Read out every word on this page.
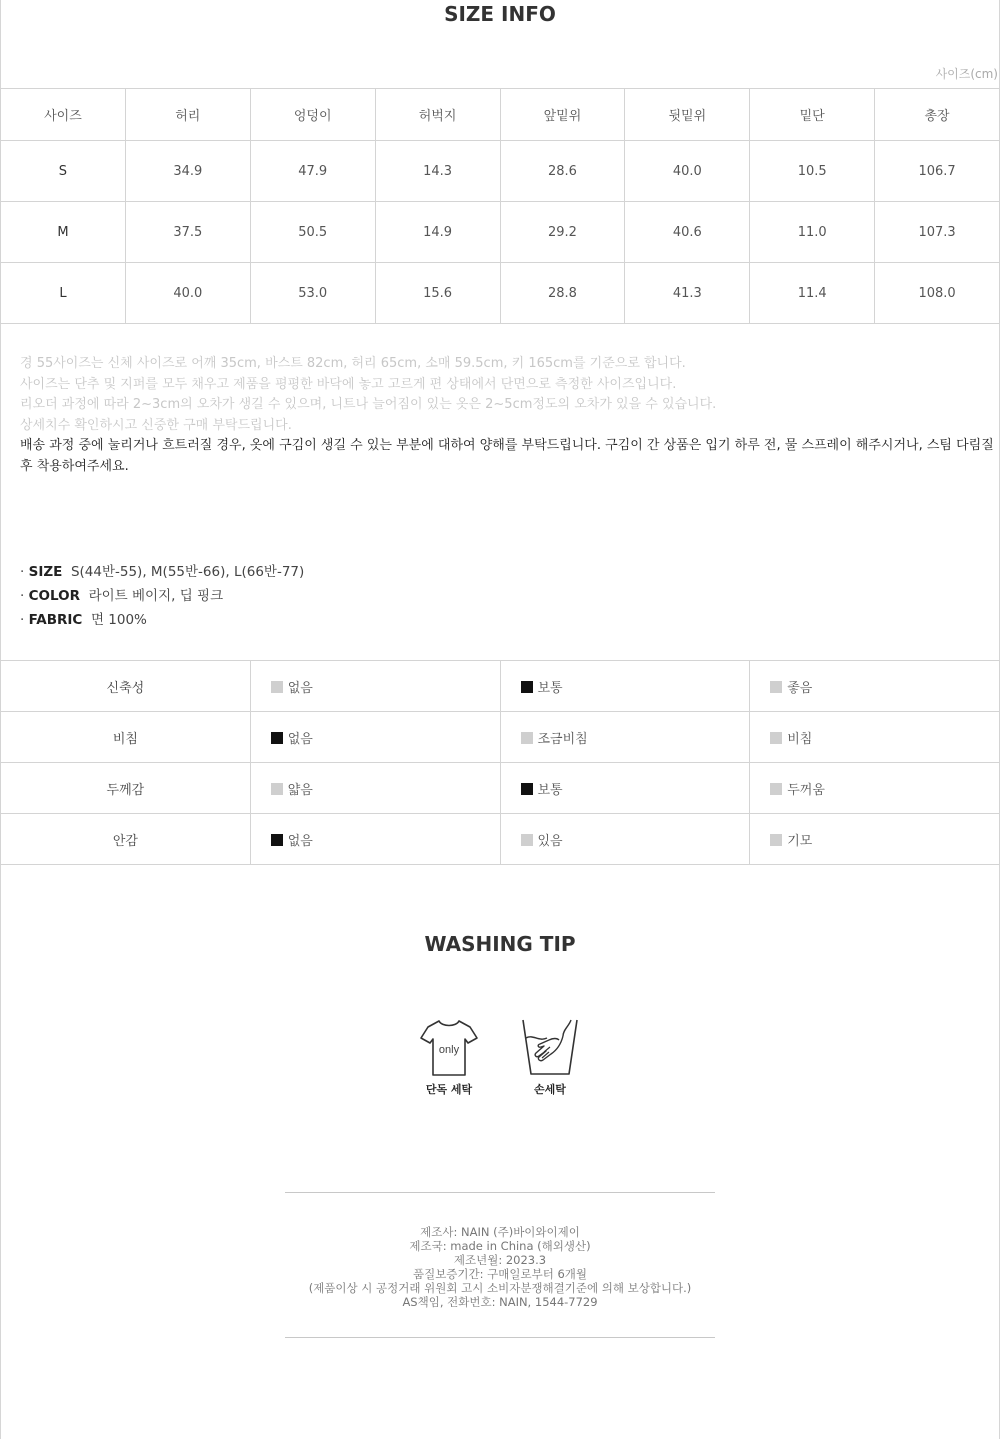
SIZE INFO
사이즈(cm)
사이즈	허리	엉덩이	허벅지	앞밑위	뒷밑위	밑단	총장
S	34.9	47.9	14.3	28.6	40.0	10.5	106.7
M	37.5	50.5	14.9	29.2	40.6	11.0	107.3
L	40.0	53.0	15.6	28.8	41.3	11.4	108.0
경 55사이즈는 신체 사이즈로 어깨 35cm, 바스트 82cm, 허리 65cm, 소매 59.5cm, 키 165cm를 기준으로 합니다.
사이즈는 단추 및 지퍼를 모두 채우고 제품을 평평한 바닥에 놓고 고르게 편 상태에서 단면으로 측정한 사이즈입니다.
리오더 과정에 따라 2~3cm의 오차가 생길 수 있으며, 니트나 늘어짐이 있는 옷은 2~5cm정도의 오차가 있을 수 있습니다.
상세치수 확인하시고 신중한 구매 부탁드립니다.
배송 과정 중에 눌리거나 흐트러질 경우, 옷에 구김이 생길 수 있는 부분에 대하여 양해를 부탁드립니다. 구김이 간 상품은 입기 하루 전, 물 스프레이 해주시거나, 스팀 다림질 후 착용하여주세요.
· SIZE S(44반-55), M(55반-66), L(66반-77)
· COLOR 라이트 베이지, 딥 핑크
· FABRIC 면 100%
신축성	없음	보통	좋음
비침	없음	조금비침	비침
두께감	얇음	보통	두꺼움
안감	없음	있음	기모
WASHING TIP
only
단독 세탁	손세탁
제조사: NAIN (주)바이와이제이
제조국: made in China (해외생산)
제조년월: 2023.3
품질보증기간: 구매일로부터 6개월
(제품이상 시 공정거래 위원회 고시 소비자분쟁해결기준에 의해 보상합니다.)
AS책임, 전화번호: NAIN, 1544-7729
